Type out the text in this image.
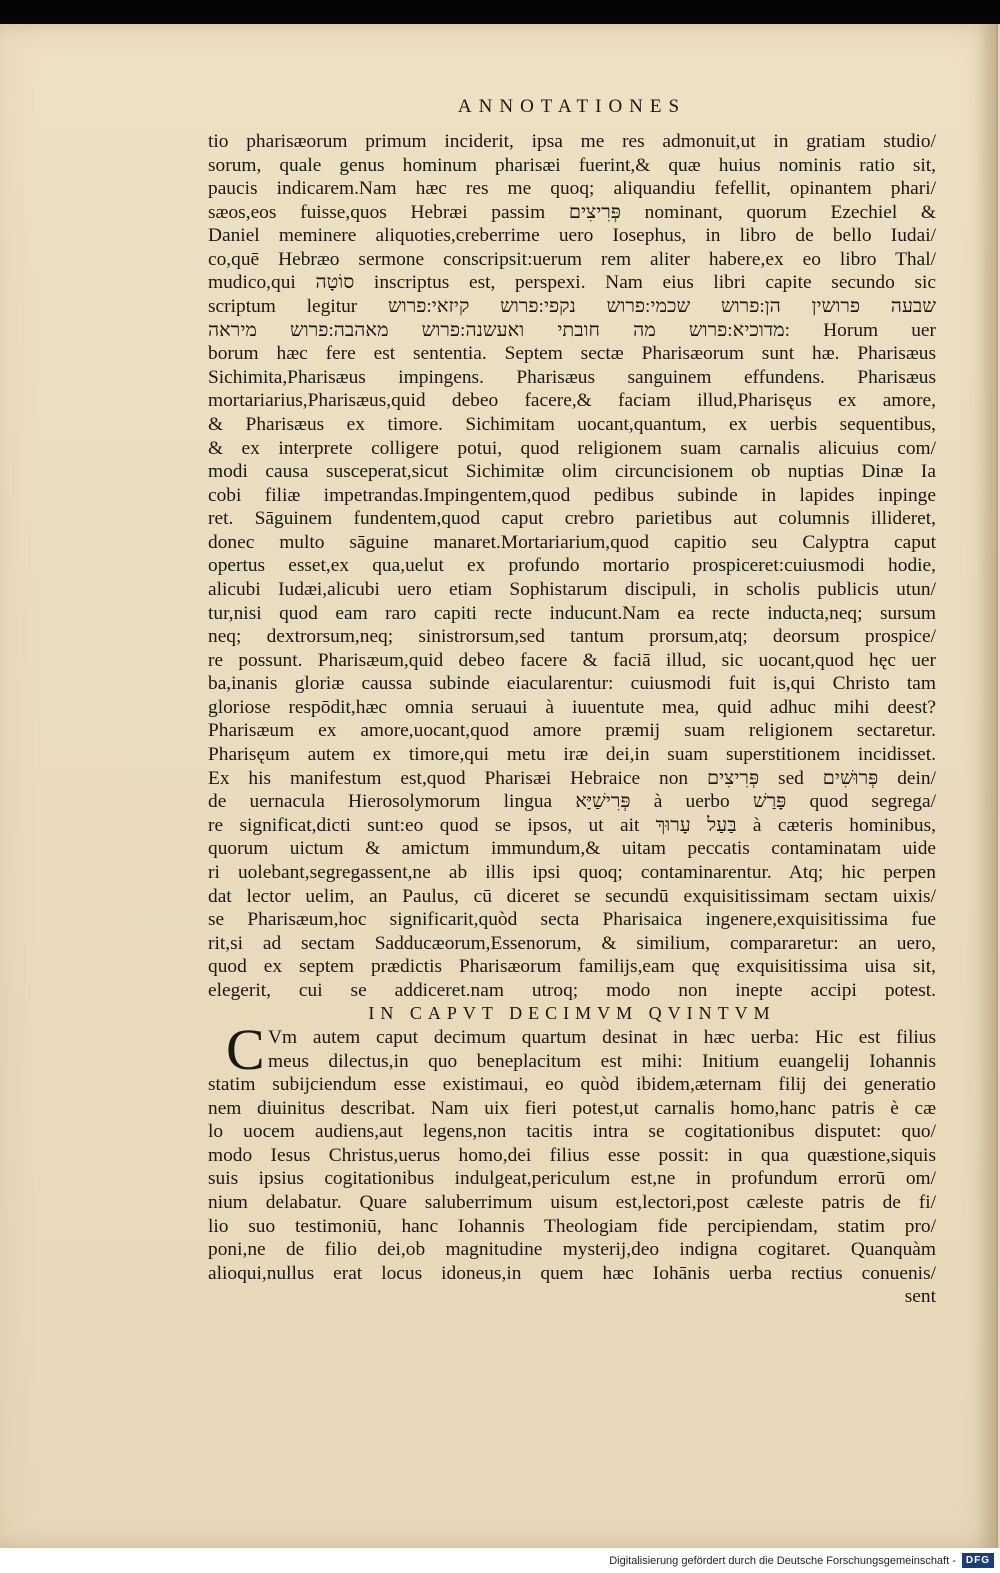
ANNOTATIONES
tio pharisæorum primum inciderit, ipsa me res admonuit,ut in gratiam studio/
sorum, quale genus hominum pharisæi fuerint,& quæ huius nominis ratio sit,
paucis indicarem.Nam hæc res me quoq; aliquandiu fefellit, opinantem phari/
sæos,eos fuisse,quos Hebræi passim פְּרִיצִים nominant, quorum Ezechiel &
Daniel meminere aliquoties,creberrime uero Iosephus, in libro de bello Iudai/
co,quē Hebræo sermone conscripsit:uerum rem aliter habere,ex eo libro Thal/
mudico,qui סוֹטָה inscriptus est, perspexi. Nam eius libri capite secundo sic
scriptum legitur שבעה פרושין הן:פרוש שכמי:פרוש נקפי:פרוש קיזאי:פרוש
מדוכיא:פרוש מה חובתי ואעשנה:פרוש מאהבה:פרוש מיראה: Horum uer
borum hæc fere est sententia. Septem sectæ Pharisæorum sunt hæ. Pharisæus
Sichimita,Pharisæus impingens. Pharisæus sanguinem effundens. Pharisæus
mortariarius,Pharisæus,quid debeo facere,& faciam illud,Pharisęus ex amore,
& Pharisæus ex timore. Sichimitam uocant,quantum, ex uerbis sequentibus,
& ex interprete colligere potui, quod religionem suam carnalis alicuius com/
modi causa susceperat,sicut Sichimitæ olim circuncisionem ob nuptias Dinæ Ia
cobi filiæ impetrandas.Impingentem,quod pedibus subinde in lapides inpinge
ret. Sāguinem fundentem,quod caput crebro parietibus aut columnis illideret,
donec multo sāguine manaret.Mortariarium,quod capitio seu Calyptra caput
opertus esset,ex qua,uelut ex profundo mortario prospiceret:cuiusmodi hodie,
alicubi Iudæi,alicubi uero etiam Sophistarum discipuli, in scholis publicis utun/
tur,nisi quod eam raro capiti recte inducunt.Nam ea recte inducta,neq; sursum
neq; dextrorsum,neq; sinistrorsum,sed tantum prorsum,atq; deorsum prospice/
re possunt. Pharisæum,quid debeo facere & faciā illud, sic uocant,quod hęc uer
ba,inanis gloriæ caussa subinde eiacularentur: cuiusmodi fuit is,qui Christo tam
gloriose respōdit,hæc omnia seruaui à iuuentute mea, quid adhuc mihi deest?
Pharisæum ex amore,uocant,quod amore præmij suam religionem sectaretur.
Pharisęum autem ex timore,qui metu iræ dei,in suam superstitionem incidisset.
Ex his manifestum est,quod Pharisæi Hebraice non פְּרִיצִים sed פְּרוּשִׁים dein/
de uernacula Hierosolymorum lingua פְּרִישַׁיָּא à uerbo פָּרַשׁ quod segrega/
re significat,dicti sunt:eo quod se ipsos, ut ait בַּעַל עָרוּךְ à cæteris hominibus,
quorum uictum & amictum immundum,& uitam peccatis contaminatam uide
ri uolebant,segregassent,ne ab illis ipsi quoq; contaminarentur. Atq; hic perpen
dat lector uelim, an Paulus, cū diceret se secundū exquisitissimam sectam uixis/
se Pharisæum,hoc significarit,quòd secta Pharisaica ingenere,exquisitissima fue
rit,si ad sectam Sadducæorum,Essenorum, & similium, compararetur: an uero,
quod ex septem prædictis Pharisæorum familijs,eam quę exquisitissima uisa sit,
elegerit, cui se addiceret.nam utroq; modo non inepte accipi potest.
IN CAPVT DECIMVM QVINTVM
C Vm autem caput decimum quartum desinat in hæc uerba: Hic est filius
meus dilectus,in quo beneplacitum est mihi: Initium euangelij Iohannis
statim subijciendum esse existimaui, eo quòd ibidem,æternam filij dei generatio
nem diuinitus describat. Nam uix fieri potest,ut carnalis homo,hanc patris è cæ
lo uocem audiens,aut legens,non tacitis intra se cogitationibus disputet: quo/
modo Iesus Christus,uerus homo,dei filius esse possit: in qua quæstione,siquis
suis ipsius cogitationibus indulgeat,periculum est,ne in profundum errorū om/
nium delabatur. Quare saluberrimum uisum est,lectori,post cæleste patris de fi/
lio suo testimoniū, hanc Iohannis Theologiam fide percipiendam, statim pro/
poni,ne de filio dei,ob magnitudine mysterij,deo indigna cogitaret. Quanquàm
alioqui,nullus erat locus idoneus,in quem hæc Iohānis uerba rectius conuenis/
sent
Digitalisierung gefördert durch die Deutsche Forschungsgemeinschaft -	DFG
